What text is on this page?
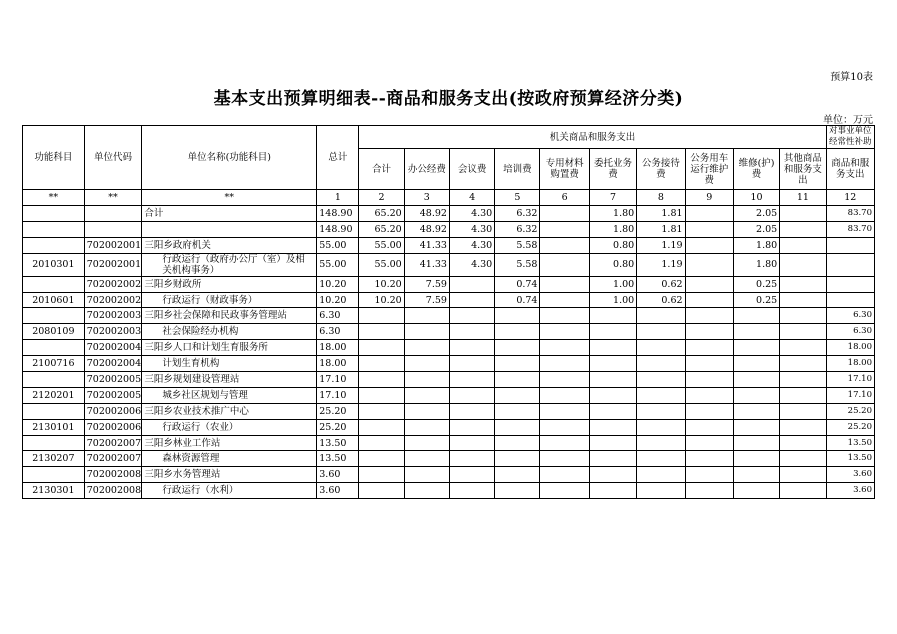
预算10表
基本支出预算明细表--商品和服务支出(按政府预算经济分类)
单位：万元
功能科目	单位代码	单位名称(功能科目)	总计	机关商品和服务支出										对事业单位经常性补助
				合计	办公经费	会议费	培训费	专用材料购置费	委托业务费	公务接待费	公务用车运行维护费	维修(护)费	其他商品和服务支出	商品和服务支出
**	**	**	1	2	3	4	5	6	7	8	9	10	11	12
		合计	148.90	65.20	48.92	4.30	6.32		1.80	1.81		2.05		83.70
			148.90	65.20	48.92	4.30	6.32		1.80	1.81		2.05		83.70
	702002001	三阳乡政府机关	55.00	55.00	41.33	4.30	5.58		0.80	1.19		1.80		
2010301	702002001	行政运行（政府办公厅（室）及相关机构事务）	55.00	55.00	41.33	4.30	5.58		0.80	1.19		1.80		
	702002002	三阳乡财政所	10.20	10.20	7.59		0.74		1.00	0.62		0.25		
2010601	702002002	行政运行（财政事务）	10.20	10.20	7.59		0.74		1.00	0.62		0.25		
	702002003	三阳乡社会保障和民政事务管理站	6.30											6.30
2080109	702002003	社会保险经办机构	6.30											6.30
	702002004	三阳乡人口和计划生育服务所	18.00											18.00
2100716	702002004	计划生育机构	18.00											18.00
	702002005	三阳乡规划建设管理站	17.10											17.10
2120201	702002005	城乡社区规划与管理	17.10											17.10
	702002006	三阳乡农业技术推广中心	25.20											25.20
2130101	702002006	行政运行（农业）	25.20											25.20
	702002007	三阳乡林业工作站	13.50											13.50
2130207	702002007	森林资源管理	13.50											13.50
	702002008	三阳乡水务管理站	3.60											3.60
2130301	702002008	行政运行（水利）	3.60											3.60
